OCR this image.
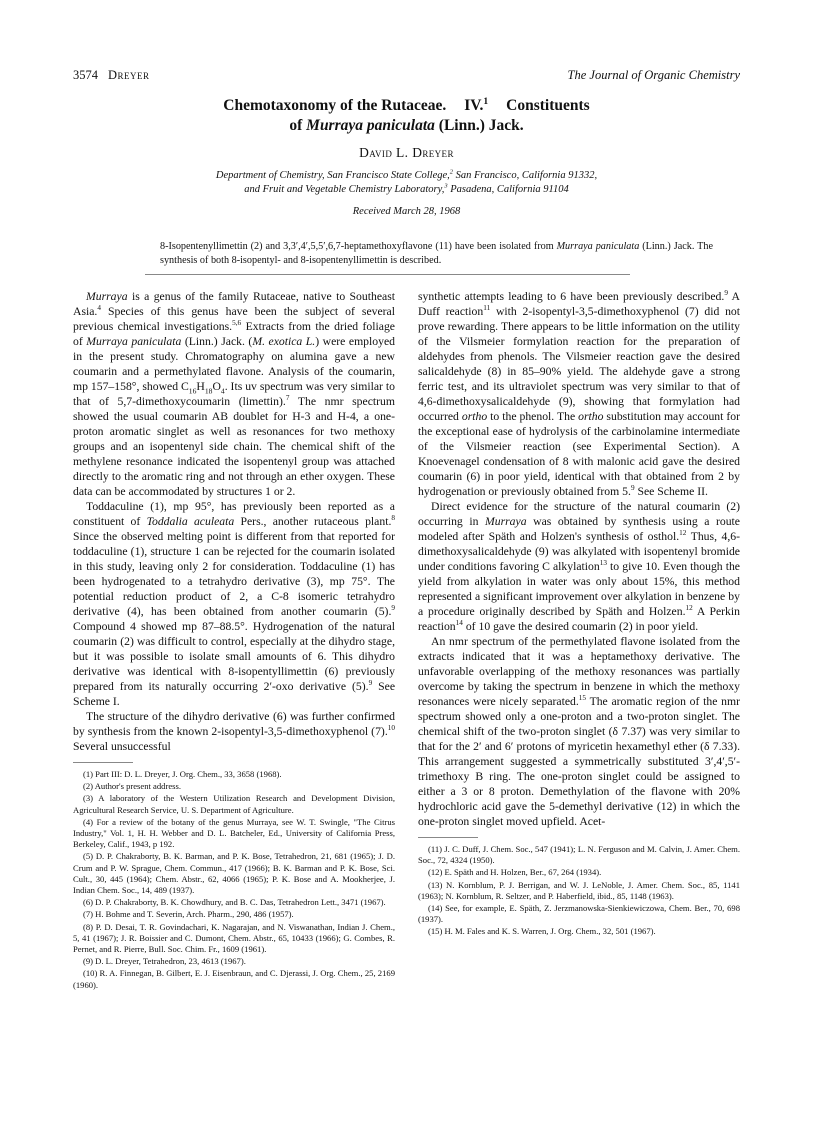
3574 Dreyer	The Journal of Organic Chemistry

Chemotaxonomy of the Rutaceae. IV.$^1$ Constituents

of Murraya paniculata (Linn.) Jack.

David L. Dreyer
Department of Chemistry, San Francisco State College,$^2$ San Francisco, California 91332,
and Fruit and Vegetable Chemistry Laboratory,$^3$ Pasadena, California 91104
Received March 28, 1968
8-Isopentenyllimettin (2) and 3,3′,4′,5,5′,6,7-heptamethoxyflavone (11) have been isolated from Murraya paniculata (Linn.) Jack. The synthesis of both 8-isopentyl- and 8-isopentenyllimettin is described.

Murraya is a genus of the family Rutaceae, native to Southeast Asia.$^4$ Species of this genus have been the subject of several previous chemical investigations.$^{5,6}$ Extracts from the dried foliage of Murraya paniculata (Linn.) Jack. (M. exotica L.) were employed in the present study. Chromatography on alumina gave a new coumarin and a permethylated flavone. Analysis of the coumarin, mp 157–158°, showed $C_{16}H_{18}O_4$. Its uv spectrum was very similar to that of 5,7-dimethoxycoumarin (limettin).$^7$ The nmr spectrum showed the usual coumarin AB doublet for H-3 and H-4, a one-proton aromatic singlet as well as resonances for two methoxy groups and an isopentenyl side chain. The chemical shift of the methylene resonance indicated the isopentenyl group was attached directly to the aromatic ring and not through an ether oxygen. These data can be accommodated by structures 1 or 2.

Toddaculine (1), mp 95°, has previously been reported as a constituent of Toddalia aculeata Pers., another rutaceous plant.$^8$ Since the observed melting point is different from that reported for toddaculine (1), structure 1 can be rejected for the coumarin isolated in this study, leaving only 2 for consideration. Toddaculine (1) has been hydrogenated to a tetrahydro derivative (3), mp 75°. The potential reduction product of 2, a C-8 isomeric tetrahydro derivative (4), has been obtained from another coumarin (5).$^9$ Compound 4 showed mp 87–88.5°. Hydrogenation of the natural coumarin (2) was difficult to control, especially at the dihydro stage, but it was possible to isolate small amounts of 6. This dihydro derivative was identical with 8-isopentyllimettin (6) previously prepared from its naturally occurring 2′-oxo derivative (5).$^9$ See Scheme I.

The structure of the dihydro derivative (6) was further confirmed by synthesis from the known 2-isopentyl-3,5-dimethoxyphenol (7).$^{10}$ Several unsuccessful

(1) Part III: D. L. Dreyer, J. Org. Chem., 33, 3658 (1968).

(2) Author's present address.

(3) A laboratory of the Western Utilization Research and Development Division, Agricultural Research Service, U. S. Department of Agriculture.

(4) For a review of the botany of the genus Murraya, see W. T. Swingle, "The Citrus Industry," Vol. 1, H. H. Webber and D. L. Batcheler, Ed., University of California Press, Berkeley, Calif., 1943, p 192.

(5) D. P. Chakraborty, B. K. Barman, and P. K. Bose, Tetrahedron, 21, 681 (1965); J. D. Crum and P. W. Sprague, Chem. Commun., 417 (1966); B. K. Barman and P. K. Bose, Sci. Cult., 30, 445 (1964); Chem. Abstr., 62, 4066 (1965); P. K. Bose and A. Mookherjee, J. Indian Chem. Soc., 14, 489 (1937).

(6) D. P. Chakraborty, B. K. Chowdhury, and B. C. Das, Tetrahedron Lett., 3471 (1967).

(7) H. Bohme and T. Severin, Arch. Pharm., 290, 486 (1957).

(8) P. D. Desai, T. R. Govindachari, K. Nagarajan, and N. Viswanathan, Indian J. Chem., 5, 41 (1967); J. R. Boissier and C. Dumont, Chem. Abstr., 65, 10433 (1966); G. Combes, R. Pernet, and R. Pierre, Bull. Soc. Chim. Fr., 1609 (1961).

(9) D. L. Dreyer, Tetrahedron, 23, 4613 (1967).

(10) R. A. Finnegan, B. Gilbert, E. J. Eisenbraun, and C. Djerassi, J. Org. Chem., 25, 2169 (1960).

synthetic attempts leading to 6 have been previously described.$^9$ A Duff reaction$^{11}$ with 2-isopentyl-3,5-dimethoxyphenol (7) did not prove rewarding. There appears to be little information on the utility of the Vilsmeier formylation reaction for the preparation of aldehydes from phenols. The Vilsmeier reaction gave the desired salicaldehyde (8) in 85–90% yield. The aldehyde gave a strong ferric test, and its ultraviolet spectrum was very similar to that of 4,6-dimethoxysalicaldehyde (9), showing that formylation had occurred ortho to the phenol. The ortho substitution may account for the exceptional ease of hydrolysis of the carbinolamine intermediate of the Vilsmeier reaction (see Experimental Section). A Knoevenagel condensation of 8 with malonic acid gave the desired coumarin (6) in poor yield, identical with that obtained from 2 by hydrogenation or previously obtained from 5.$^9$ See Scheme II.

Direct evidence for the structure of the natural coumarin (2) occurring in Murraya was obtained by synthesis using a route modeled after Späth and Holzen's synthesis of osthol.$^{12}$ Thus, 4,6-dimethoxysalicaldehyde (9) was alkylated with isopentenyl bromide under conditions favoring C alkylation$^{13}$ to give 10. Even though the yield from alkylation in water was only about 15%, this method represented a significant improvement over alkylation in benzene by a procedure originally described by Späth and Holzen.$^{12}$ A Perkin reaction$^{14}$ of 10 gave the desired coumarin (2) in poor yield.

An nmr spectrum of the permethylated flavone isolated from the extracts indicated that it was a heptamethoxy derivative. The unfavorable overlapping of the methoxy resonances was partially overcome by taking the spectrum in benzene in which the methoxy resonances were nicely separated.$^{15}$ The aromatic region of the nmr spectrum showed only a one-proton and a two-proton singlet. The chemical shift of the two-proton singlet (δ 7.37) was very similar to that for the 2′ and 6′ protons of myricetin hexamethyl ether (δ 7.33). This arrangement suggested a symmetrically substituted 3′,4′,5′-trimethoxy B ring. The one-proton singlet could be assigned to either a 3 or 8 proton. Demethylation of the flavone with 20% hydrochloric acid gave the 5-demethyl derivative (12) in which the one-proton singlet moved upfield. Acet-

(11) J. C. Duff, J. Chem. Soc., 547 (1941); L. N. Ferguson and M. Calvin, J. Amer. Chem. Soc., 72, 4324 (1950).

(12) E. Späth and H. Holzen, Ber., 67, 264 (1934).

(13) N. Kornblum, P. J. Berrigan, and W. J. LeNoble, J. Amer. Chem. Soc., 85, 1141 (1963); N. Kornblum, R. Seltzer, and P. Haberfield, ibid., 85, 1148 (1963).

(14) See, for example, E. Späth, Z. Jerzmanowska-Sienkiewiczowa, Chem. Ber., 70, 698 (1937).

(15) H. M. Fales and K. S. Warren, J. Org. Chem., 32, 501 (1967).
